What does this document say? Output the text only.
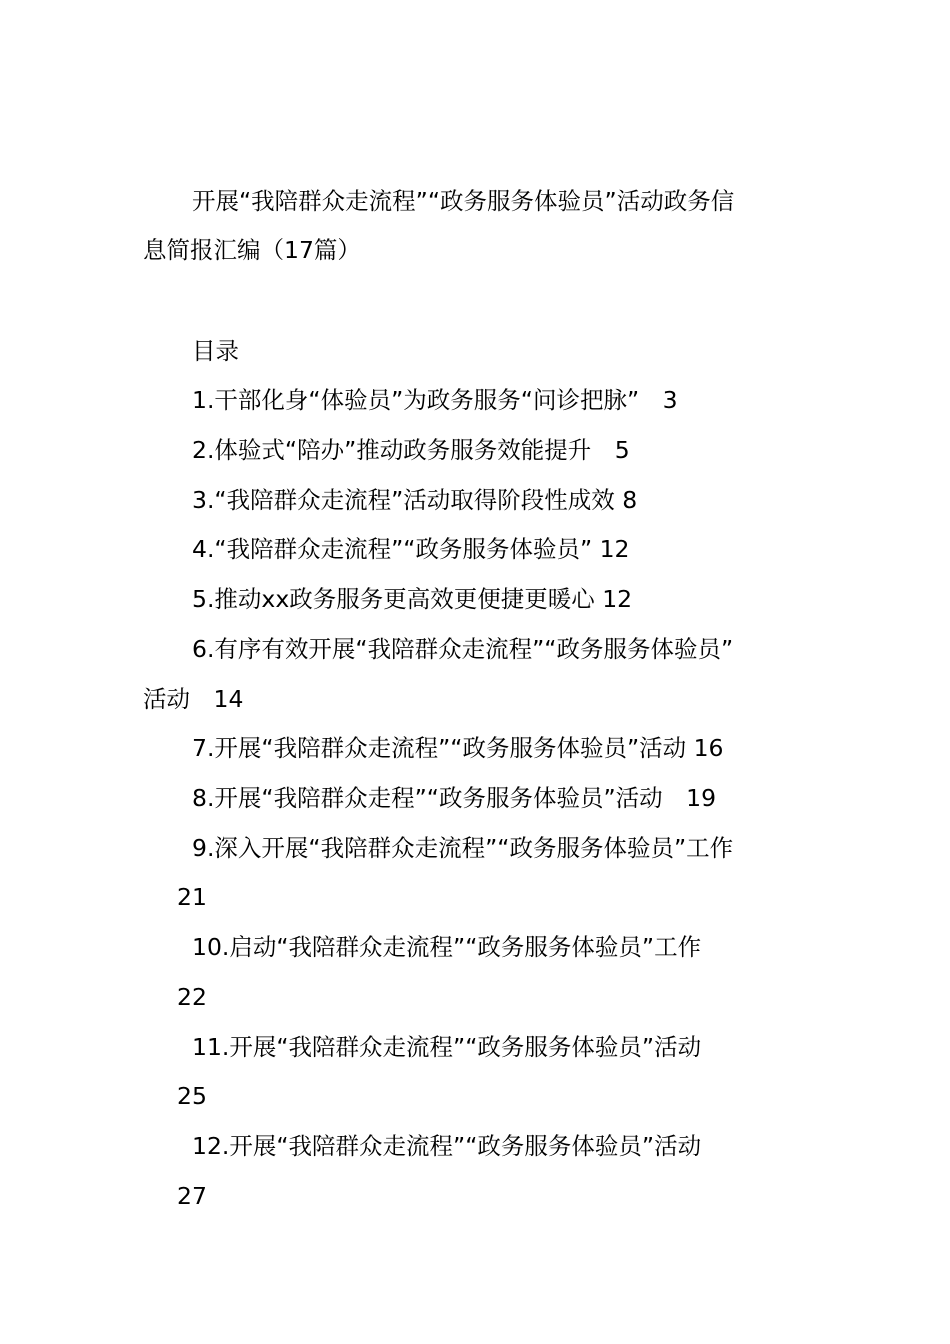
开展“我陪群众走流程”“政务服务体验员”活动政务信
息简报汇编（17篇）
目录
1.干部化身“体验员”为政务服务“问诊把脉”　3
2.体验式“陪办”推动政务服务效能提升　5
3.“我陪群众走流程”活动取得阶段性成效 8
4.“我陪群众走流程”“政务服务体验员” 12
5.推动xx政务服务更高效更便捷更暖心 12
6.有序有效开展“我陪群众走流程”“政务服务体验员”
活动　14
7.开展“我陪群众走流程”“政务服务体验员”活动 16
8.开展“我陪群众走程”“政务服务体验员”活动　19
9.深入开展“我陪群众走流程”“政务服务体验员”工作
21
10.启动“我陪群众走流程”“政务服务体验员”工作
22
11.开展“我陪群众走流程”“政务服务体验员”活动
25
12.开展“我陪群众走流程”“政务服务体验员”活动
27
